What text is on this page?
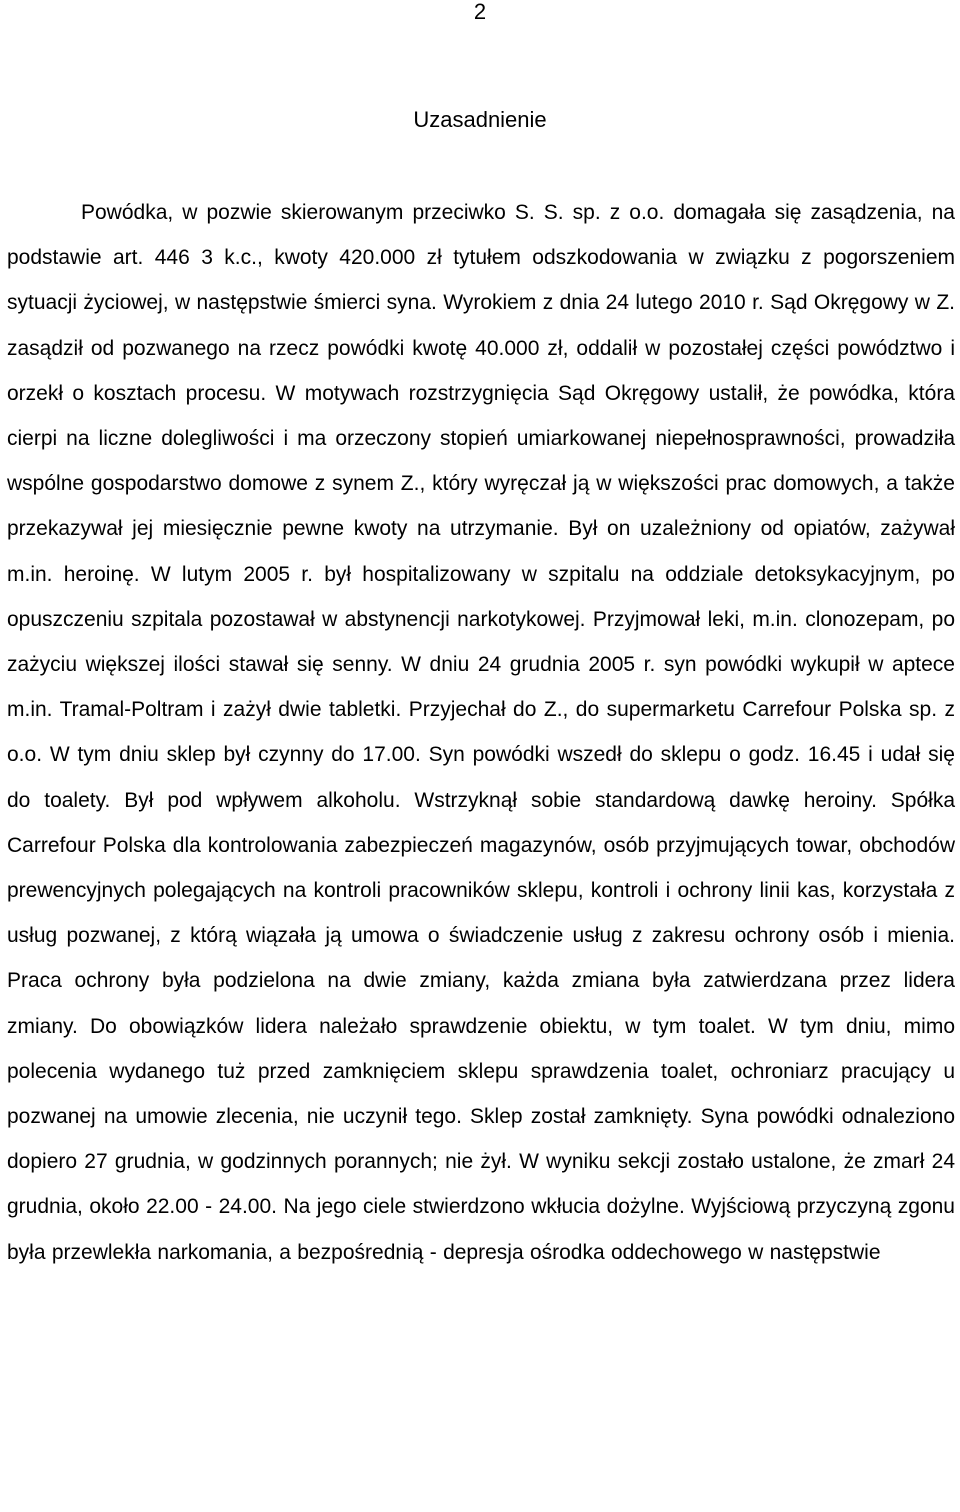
2
Uzasadnienie

Powódka, w pozwie skierowanym przeciwko S. S. sp. z o.o. domagała się zasądzenia, na podstawie art. 446 3 k.c., kwoty 420.000 zł tytułem odszkodowania w związku z pogorszeniem sytuacji życiowej, w następstwie śmierci syna. Wyrokiem z dnia 24 lutego 2010 r. Sąd Okręgowy w Z. zasądził od pozwanego na rzecz powódki kwotę 40.000 zł, oddalił w pozostałej części powództwo i orzekł o kosztach procesu. W motywach rozstrzygnięcia Sąd Okręgowy ustalił, że powódka, która cierpi na liczne dolegliwości i ma orzeczony stopień umiarkowanej niepełnosprawności, prowadziła wspólne gospodarstwo domowe z synem Z., który wyręczał ją w większości prac domowych, a także przekazywał jej miesięcznie pewne kwoty na utrzymanie. Był on uzależniony od opiatów, zażywał m.in. heroinę. W lutym 2005 r. był hospitalizowany w szpitalu na oddziale detoksykacyjnym, po opuszczeniu szpitala pozostawał w abstynencji narkotykowej. Przyjmował leki, m.in. clonozepam, po zażyciu większej ilości stawał się senny. W dniu 24 grudnia 2005 r. syn powódki wykupił w aptece m.in. Tramal-Poltram i zażył dwie tabletki. Przyjechał do Z., do supermarketu Carrefour Polska sp. z o.o. W tym dniu sklep był czynny do 17.00. Syn powódki wszedł do sklepu o godz. 16.45 i udał się do toalety. Był pod wpływem alkoholu. Wstrzyknął sobie standardową dawkę heroiny. Spółka Carrefour Polska dla kontrolowania zabezpieczeń magazynów, osób przyjmujących towar, obchodów prewencyjnych polegających na kontroli pracowników sklepu, kontroli i ochrony linii kas, korzystała z usług pozwanej, z którą wiązała ją umowa o świadczenie usług z zakresu ochrony osób i mienia. Praca ochrony była podzielona na dwie zmiany, każda zmiana była zatwierdzana przez lidera zmiany. Do obowiązków lidera należało sprawdzenie obiektu, w tym toalet. W tym dniu, mimo polecenia wydanego tuż przed zamknięciem sklepu sprawdzenia toalet, ochroniarz pracujący u pozwanej na umowie zlecenia, nie uczynił tego. Sklep został zamknięty. Syna powódki odnaleziono dopiero 27 grudnia, w godzinnych porannych; nie żył. W wyniku sekcji zostało ustalone, że zmarł 24 grudnia, około 22.00 - 24.00. Na jego ciele stwierdzono wkłucia dożylne. Wyjściową przyczyną zgonu była przewlekła narkomania, a bezpośrednią - depresja ośrodka oddechowego w następstwie
